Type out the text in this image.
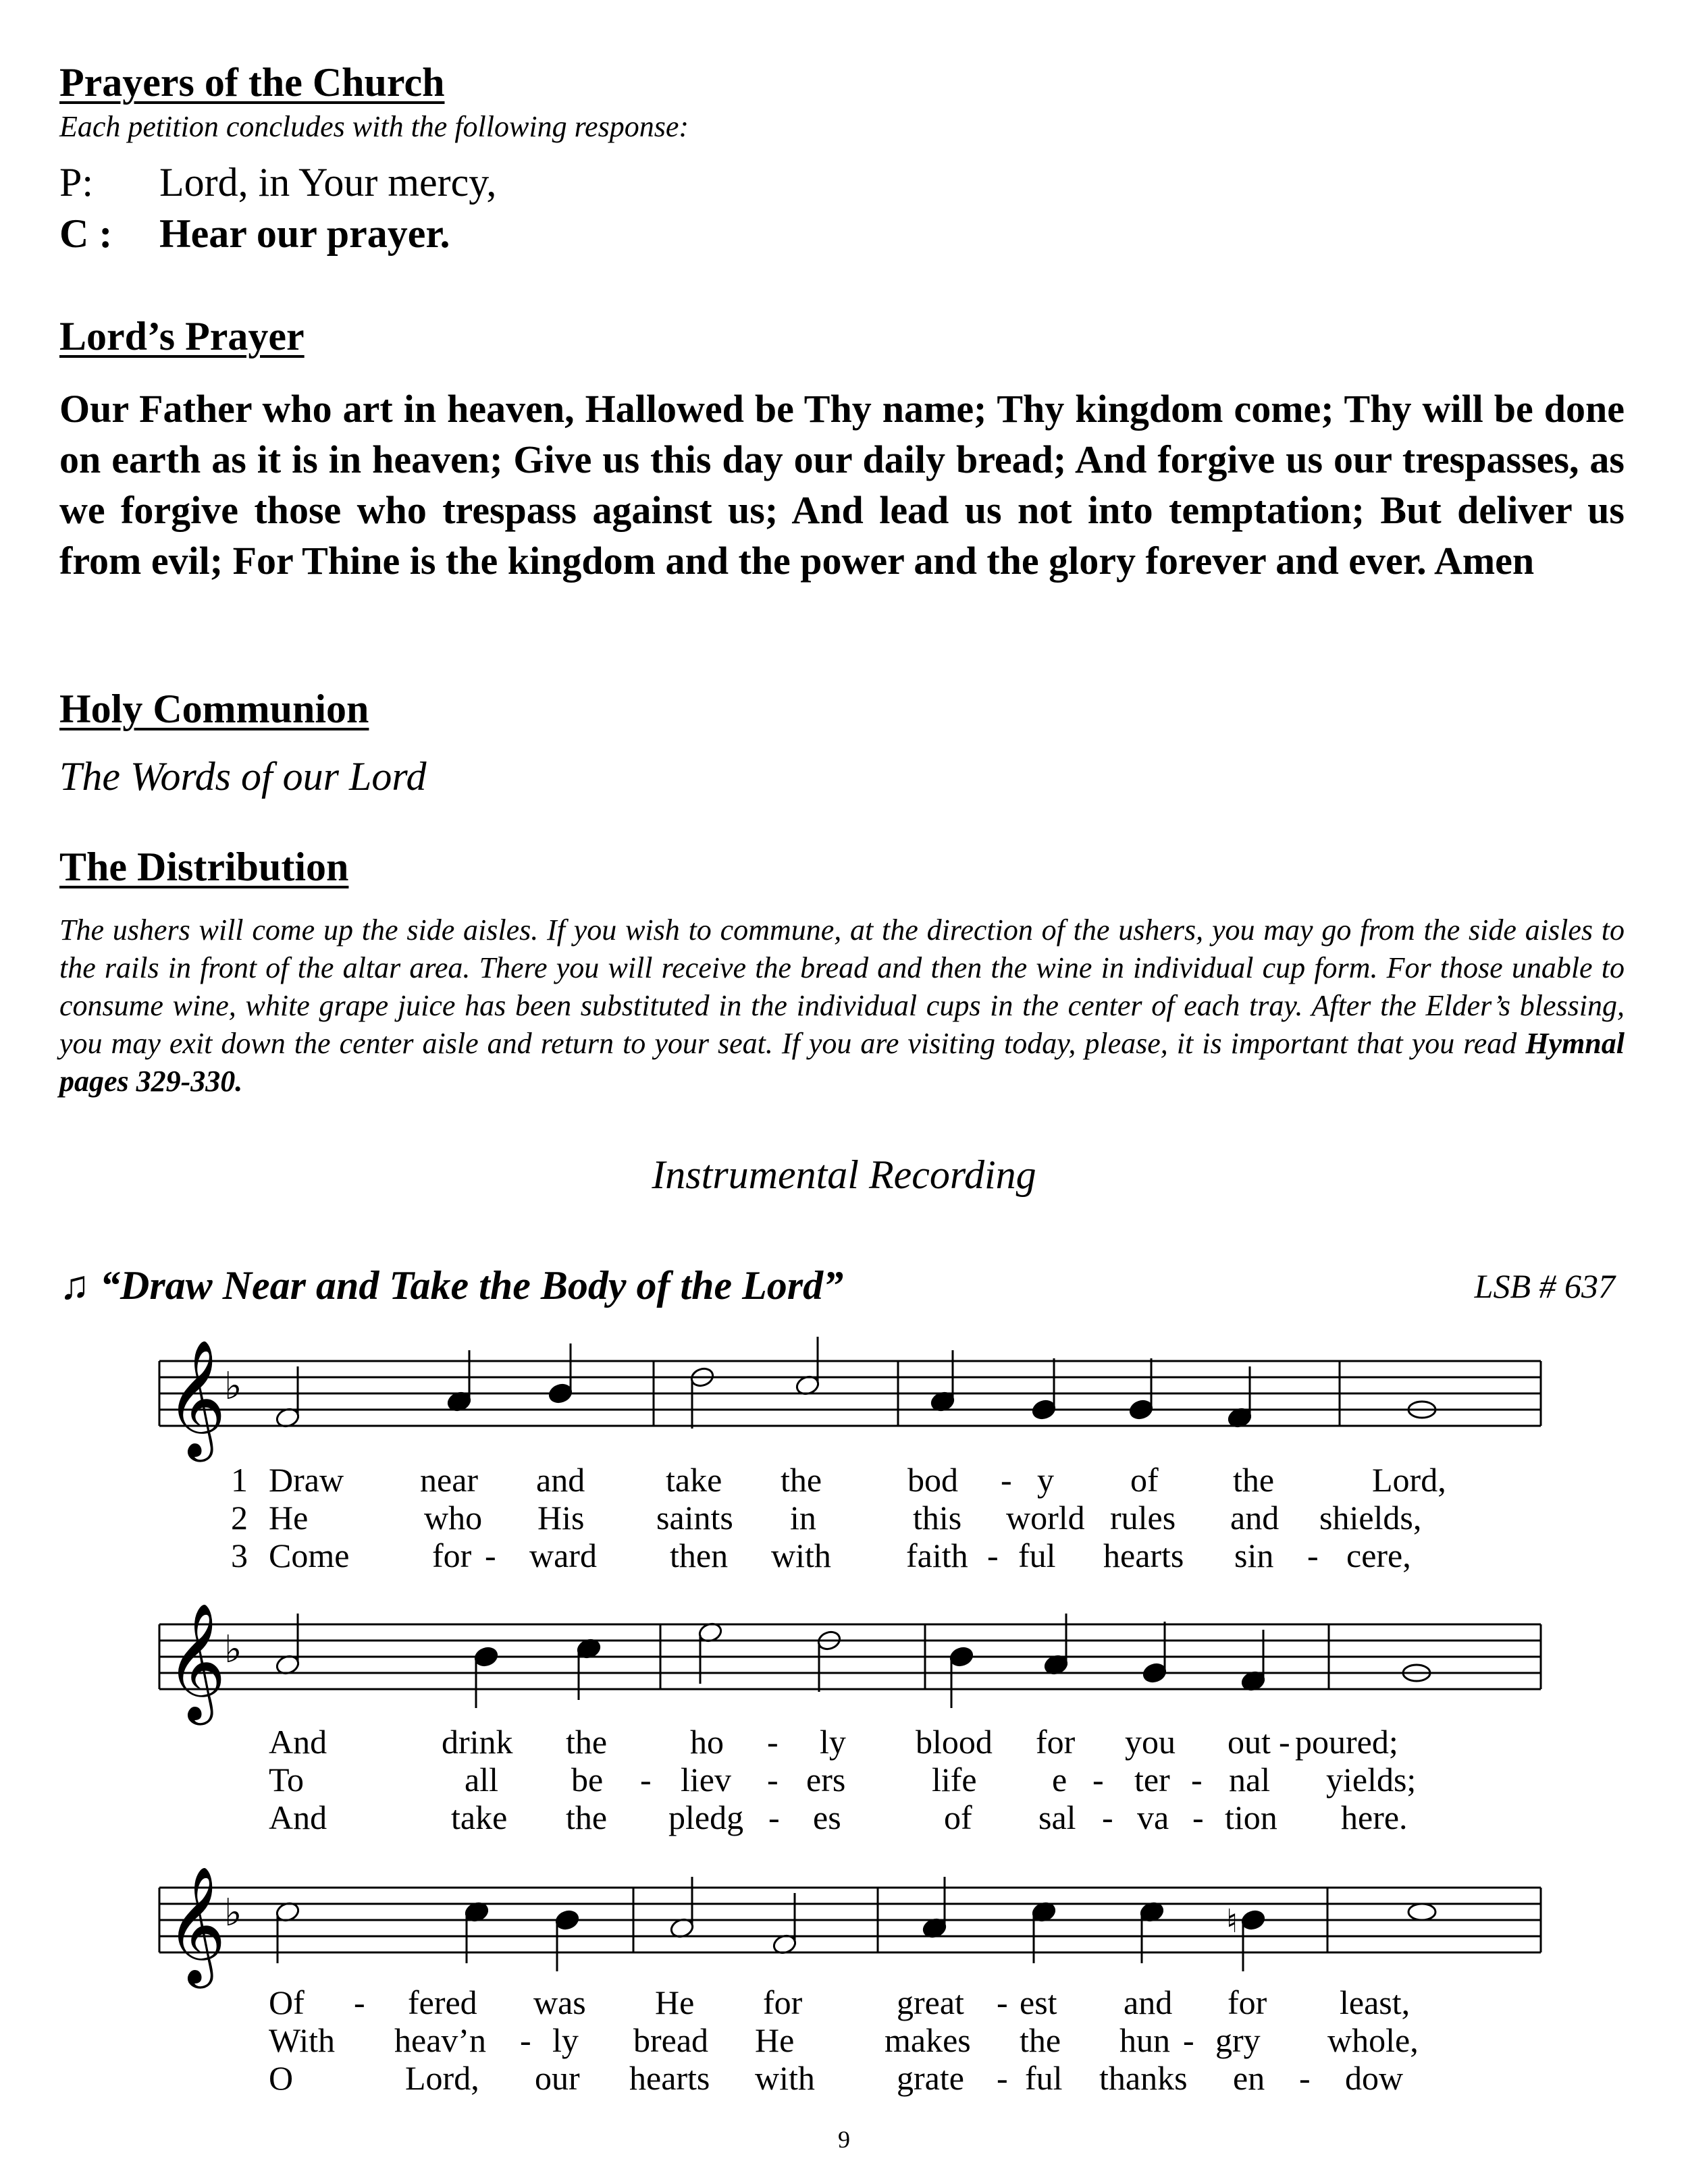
Prayers of the Church
Each petition concludes with the following response:
P: Lord, in Your mercy,
C : Hear our prayer.
Lord’s Prayer
Our Father who art in heaven, Hallowed be Thy name; Thy kingdom come; Thy will be done on earth as it is in heaven; Give us this day our daily bread; And forgive us our trespasses, as we forgive those who trespass against us; And lead us not into temptation; But deliver us from evil; For Thine is the kingdom and the power and the glory forever and ever. Amen
Holy Communion
The Words of our Lord
The Distribution
The ushers will come up the side aisles. If you wish to commune, at the direction of the ushers, you may go from the side aisles to the rails in front of the altar area. There you will receive the bread and then the wine in individual cup form. For those unable to consume wine, white grape juice has been substituted in the individual cups in the center of each tray. After the Elder’s blessing, you may exit down the center aisle and return to your seat. If you are visiting today, please, it is important that you read Hymnal pages 329-330.
Instrumental Recording
♫ “Draw Near and Take the Body of the Lord”	LSB # 637
𝄞
𝄞
𝄞
♭
♭
♭	♮
1 Draw near and take the	bod - y of the	Lord,
2 He	who His saints in	this world rules and shields,
3 Come for - ward then with faith - ful hearts sin - cere,
And	drink the ho - ly blood for you out - poured;
To	all be - liev - ers	life e - ter - nal yields;
And	take the pledg - es	of sal - va - tion here.
Of - fered was He for	great - est and for least,
With heav’n - ly bread He	makes the hun - gry whole,
O	Lord, our hearts with grate - ful thanks en - dow
9
